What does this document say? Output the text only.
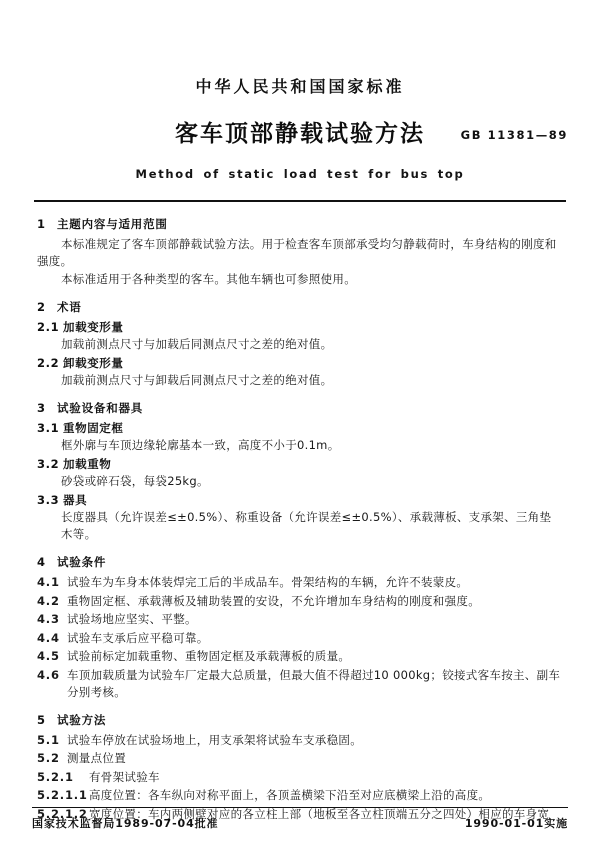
中华人民共和国国家标准
客车顶部静载试验方法	GB 11381—89
Method of static load test for bus top
1 主题内容与适用范围
本标准规定了客车顶部静载试验方法。用于检查客车顶部承受均匀静载荷时，车身结构的刚度和强度。
本标准适用于各种类型的客车。其他车辆也可参照使用。
2 术语
2.1 加载变形量
加载前测点尺寸与加载后同测点尺寸之差的绝对值。
2.2 卸载变形量
加载前测点尺寸与卸载后同测点尺寸之差的绝对值。
3 试验设备和器具
3.1 重物固定框
框外廓与车顶边缘轮廓基本一致，高度不小于0.1m。
3.2 加载重物
砂袋或碎石袋，每袋25kg。
3.3 器具
长度器具（允许误差≤±0.5%）、称重设备（允许误差≤±0.5%）、承载薄板、支承架、三角垫木等。
4 试验条件
4.1 试验车为车身本体装焊完工后的半成品车。骨架结构的车辆，允许不装蒙皮。
4.2 重物固定框、承载薄板及辅助装置的安设，不允许增加车身结构的刚度和强度。
4.3 试验场地应坚实、平整。
4.4 试验车支承后应平稳可靠。
4.5 试验前标定加载重物、重物固定框及承载薄板的质量。
4.6 车顶加载质量为试验车厂定最大总质量，但最大值不得超过10 000kg；铰接式客车按主、副车分别考核。
5 试验方法
5.1 试验车停放在试验场地上，用支承架将试验车支承稳固。
5.2 测量点位置
5.2.1	有骨架试验车
5.2.1.1 高度位置：各车纵向对称平面上，各顶盖横梁下沿至对应底横梁上沿的高度。
5.2.1.2 宽度位置：车内两侧壁对应的各立柱上部（地板至各立柱顶端五分之四处）相应的车身宽
国家技术监督局1989-07-04批准	1990-01-01实施
